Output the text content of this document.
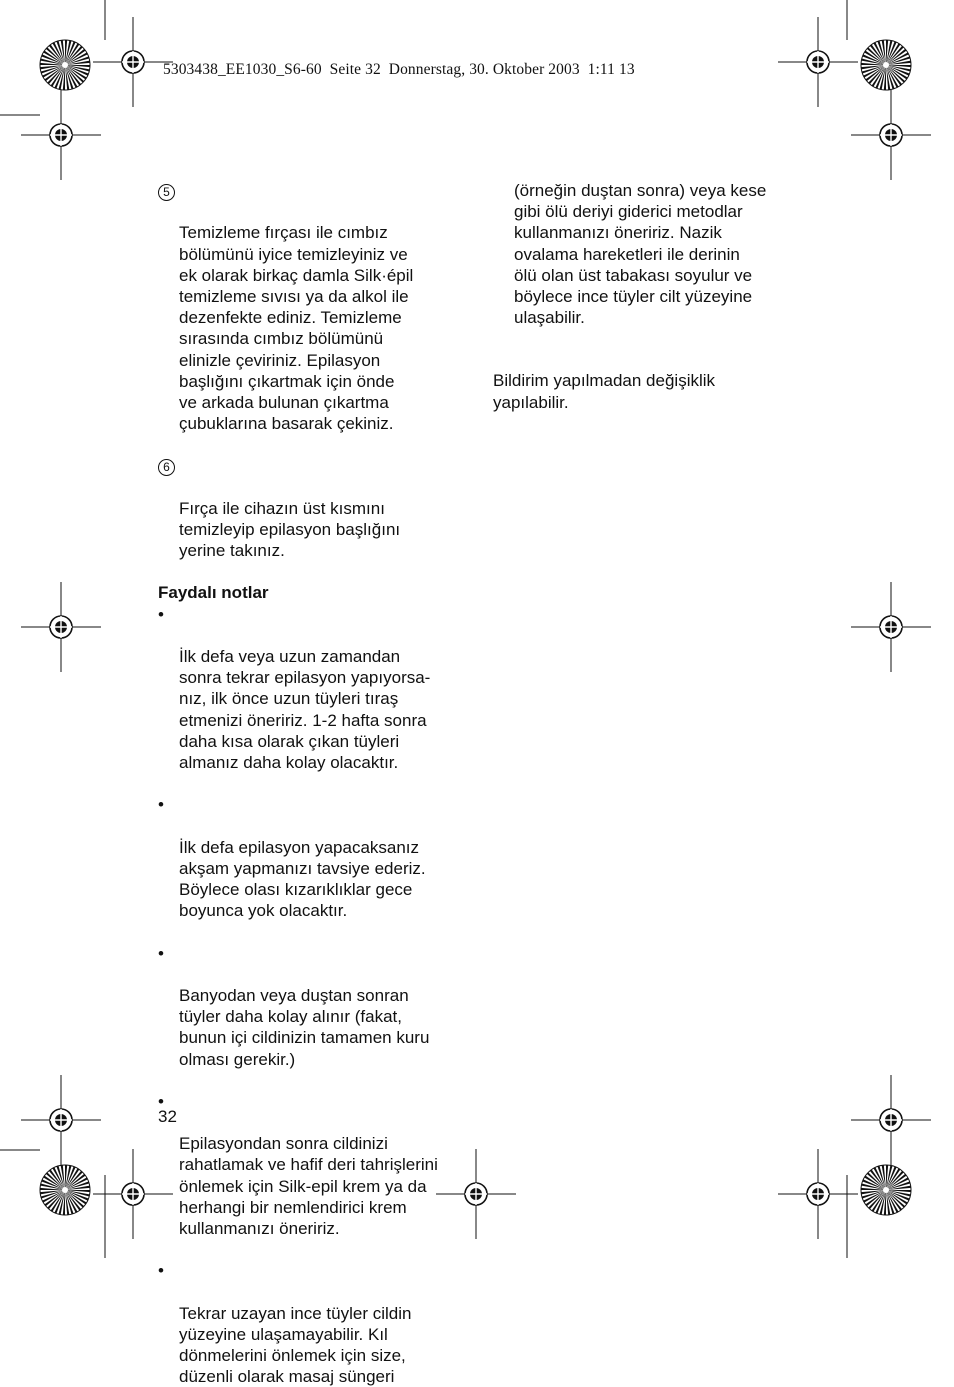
5303438_EE1030_S6-60  Seite 32  Donnerstag, 30. Oktober 2003  1:11 13

5

Temizleme fırçası ile cımbız
bölümünü iyice temizleyiniz ve
ek olarak birkaç damla Silk·épil
temizleme sıvısı ya da alkol ile
dezenfekte ediniz. Temizleme
sırasında cımbız bölümünü
elinizle çeviriniz. Epilasyon
başlığını çıkartmak için önde
ve arkada bulunan çıkartma
çubuklarına basarak çekiniz.

6

Fırça ile cihazın üst kısmını
temizleyip epilasyon başlığını
yerine takınız.

Faydalı notlar

•

İlk defa veya uzun zamandan
sonra tekrar epilasyon yapıyorsa-
nız, ilk önce uzun tüyleri tıraş
etmenizi öneririz. 1-2 hafta sonra
daha kısa olarak çıkan tüyleri
almanız daha kolay olacaktır.

•

İlk defa epilasyon yapacaksanız
akşam yapmanızı tavsiye ederiz.
Böylece olası kızarıklıklar gece
boyunca yok olacaktır.

•

Banyodan veya duştan sonran
tüyler daha kolay alınır (fakat,
bunun içi cildinizin tamamen kuru
olması gerekir.)

•

Epilasyondan sonra cildinizi
rahatlamak ve hafif deri tahrişlerini
önlemek için Silk-epil krem ya da
herhangi bir nemlendirici krem
kullanmanızı öneririz.

•

Tekrar uzayan ince tüyler cildin
yüzeyine ulaşamayabilir. Kıl
dönmelerini önlemek için size,
düzenli olarak masaj süngeri

(örneğin duştan sonra) veya kese
gibi ölü deriyi giderici metodlar
kullanmanızı öneririz. Nazik
ovalama hareketleri ile derinin
ölü olan üst tabakası soyulur ve
böylece ince tüyler cilt yüzeyine
ulaşabilir.
Bildirim yapılmadan değişiklik
yapılabilir.
32
